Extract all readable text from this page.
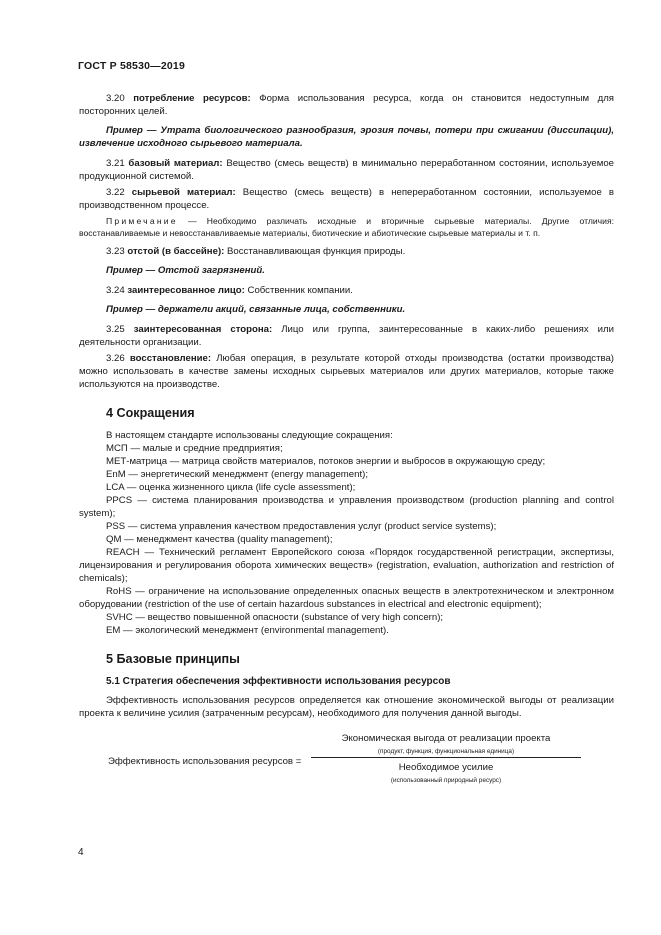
ГОСТ Р 58530—2019

3.20 потребление ресурсов: Форма использования ресурса, когда он становится недоступным для посторонних целей.

Пример — Утрата биологического разнообразия, эрозия почвы, потери при сжигании (диссипации), извлечение исходного сырьевого материала.

3.21 базовый материал: Вещество (смесь веществ) в минимально переработанном состоянии, используемое продукционной системой.

3.22 сырьевой материал: Вещество (смесь веществ) в непереработанном состоянии, используемое в производственном процессе.

Примечание — Необходимо различать исходные и вторичные сырьевые материалы. Другие отличия: восстанавливаемые и невосстанавливаемые материалы, биотические и абиотические сырьевые материалы и т. п.

3.23 отстой (в бассейне): Восстанавливающая функция природы.

Пример — Отстой загрязнений.

3.24 заинтересованное лицо: Собственник компании.

Пример — держатели акций, связанные лица, собственники.

3.25 заинтересованная сторона: Лицо или группа, заинтересованные в каких-либо решениях или деятельности организации.

3.26 восстановление: Любая операция, в результате которой отходы производства (остатки производства) можно использовать в качестве замены исходных сырьевых материалов или других материалов, которые также используются на производстве.

4 Сокращения

В настоящем стандарте использованы следующие сокращения:

МСП — малые и средние предприятия;

МЕТ-матрица — матрица свойств материалов, потоков энергии и выбросов в окружающую среду;

EnM — энергетический менеджмент (energy management);

LCA — оценка жизненного цикла (life cycle assessment);

PPCS — система планирования производства и управления производством (production planning and control system);

PSS — система управления качеством предоставления услуг (product service systems);

QM — менеджмент качества (quality management);

REACH — Технический регламент Европейского союза «Порядок государственной регистрации, экспертизы, лицензирования и регулирования оборота химических веществ» (registration, evaluation, authorization and restriction of chemicals);

RoHS — ограничение на использование определенных опасных веществ в электротехническом и электронном оборудовании (restriction of the use of certain hazardous substances in electrical and electronic equipment);

SVHC — вещество повышенной опасности (substance of very high concern);

EM — экологический менеджмент (environmental management).

5 Базовые принципы
5.1 Стратегия обеспечения эффективности использования ресурсов

Эффективность использования ресурсов определяется как отношение экономической выгоды от реализации проекта к величине усилия (затраченным ресурсам), необходимого для получения данной выгоды.

Эффективность использования ресурсов =
Экономическая выгода от реализации проекта
(продукт, функция, функциональная единица)
Необходимое усилие
(использованный природный ресурс)
4
